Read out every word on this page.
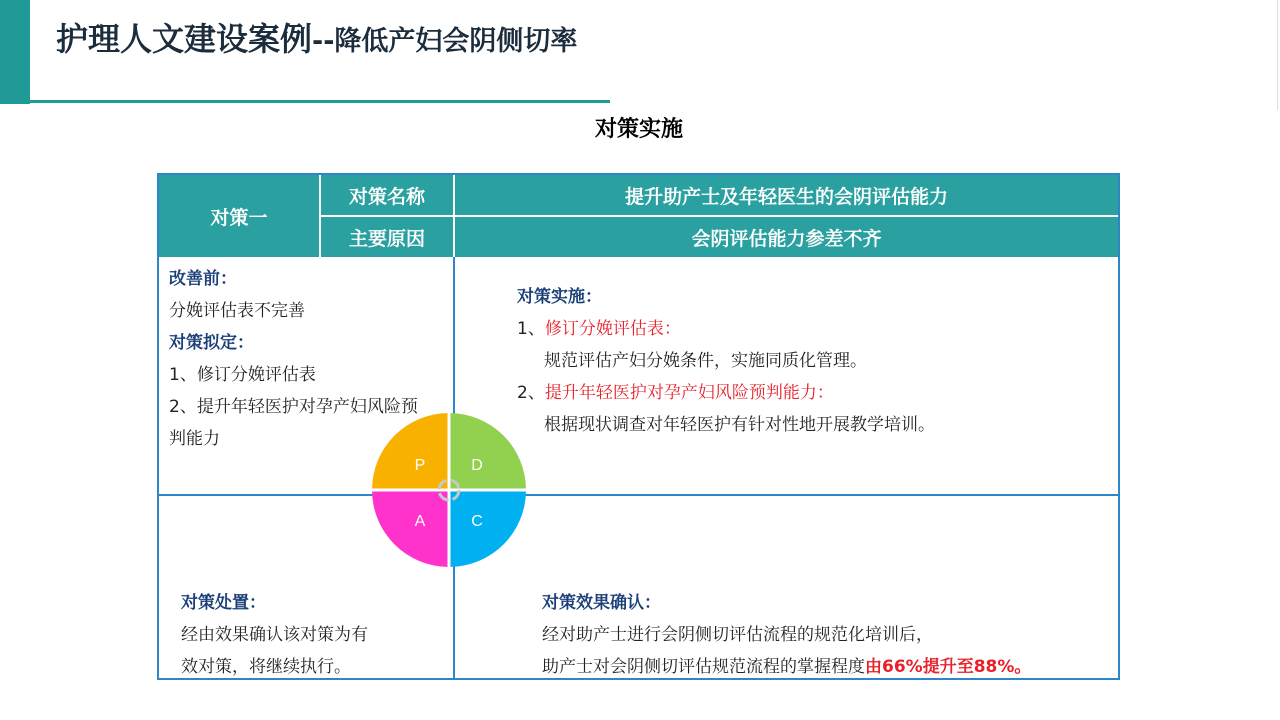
护理人文建设案例--降低产妇会阴侧切率
对策实施
对策一
对策名称	提升助产士及年轻医生的会阴评估能力
主要原因	会阴评估能力参差不齐
改善前：
分娩评估表不完善
对策拟定：
1、修订分娩评估表
2、提升年轻医护对孕产妇风险预
判能力
对策实施：
1、修订分娩评估表：
规范评估产妇分娩条件，实施同质化管理。
2、提升年轻医护对孕产妇风险预判能力：
根据现状调查对年轻医护有针对性地开展教学培训。
对策处置：
经由效果确认该对策为有
效对策，将继续执行。
对策效果确认：
经对助产士进行会阴侧切评估流程的规范化培训后，
助产士对会阴侧切评估规范流程的掌握程度由66%提升至88%。
P	D
C
A
